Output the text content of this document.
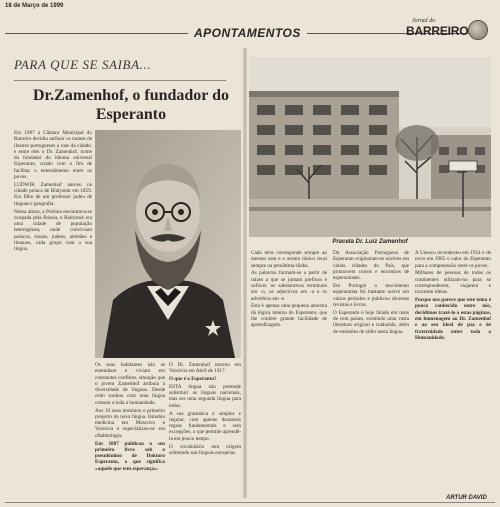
18 de Março de 1999
APONTAMENTOS
Jornal do
BARREIRO
PARA QUE SE SAIBA...
Dr.Zamenhof, o fundador do Esperanto
Praceta Dr. Luiz Zamenhof

Em 1987 a Câmara Municipal do Barreiro decidiu atribuir os nomes de ilustres portugueses a ruas da cidade, e entre eles o Dr. Zamenhof, nome do fundador do idioma universal Esperanto, criado com o fim de facilitar o entendimento entre os povos.

LUDWIK Zamenhof nasceu na cidade polaca de Bialystok em 1859. Era filho de um professor judeu de línguas e geografia.

Nessa altura, a Polónia encontrava-se ocupada pela Rússia, e Bialystok era uma cidade de população heterogénea, onde conviviam polacos, russos, judeus, alemães e lituanos, cada grupo com a sua língua.

Os seus habitantes não se entendiam e viviam em constantes conflitos, situação que o jovem Zamenhof atribuía à diversidade de línguas. Desde cedo sonhou com uma língua comum a toda a humanidade.

Aos 19 anos terminou o primeiro projecto da nova língua. Estudou medicina em Moscovo e Varsóvia e especializou-se em oftalmologia.

Em 1887 publicou o seu primeiro livro sob o pseudónimo de Doktoro Esperanto, o que significa «aquele que tem esperança».

O Dr. Zamenhof morreu em Varsóvia em Abril de 1917.

O que é o Esperanto?

ESTA língua não pretende substituir as línguas nacionais, mas ser uma segunda língua para todos.

A sua gramática é simples e regular, com apenas dezasseis regras fundamentais e sem excepções, o que permite aprendê-la em pouco tempo.

O vocabulário tem origem sobretudo nas línguas europeias.

Cada letra corresponde sempre ao mesmo som e o acento tónico recai sempre na penúltima sílaba.

As palavras formam-se a partir de raízes a que se juntam prefixos e sufixos: os substantivos terminam em -o, os adjectivos em -a e os advérbios em -e.

Esta é apenas uma pequena amostra da lógica interna do Esperanto, que lhe confere grande facilidade de aprendizagem.

Da Associação Portuguesa de Esperanto originaram-se núcleos em várias cidades do País, que promovem cursos e encontros de esperantistas.

Em Portugal o movimento esperantista foi bastante activo em vários períodos e publicou diversas revistas e livros.

O Esperanto é hoje falado em mais de cem países, existindo uma vasta literatura original e traduzida, além de emissões de rádio nesta língua.

A Unesco reconheceu em 1954 e de novo em 1985 o valor do Esperanto para a compreensão entre os povos.

Milhares de pessoas de todos os continentes utilizam-no para se corresponderem, viajarem e trocarem ideias.

Porque nos parece que este tema é pouco conhecido entre nós, decidimos trazê-lo a estas páginas, em homenagem ao Dr. Zamenhof e ao seu ideal de paz e de fraternidade entre toda a Humanidade.

ARTUR DAVID
